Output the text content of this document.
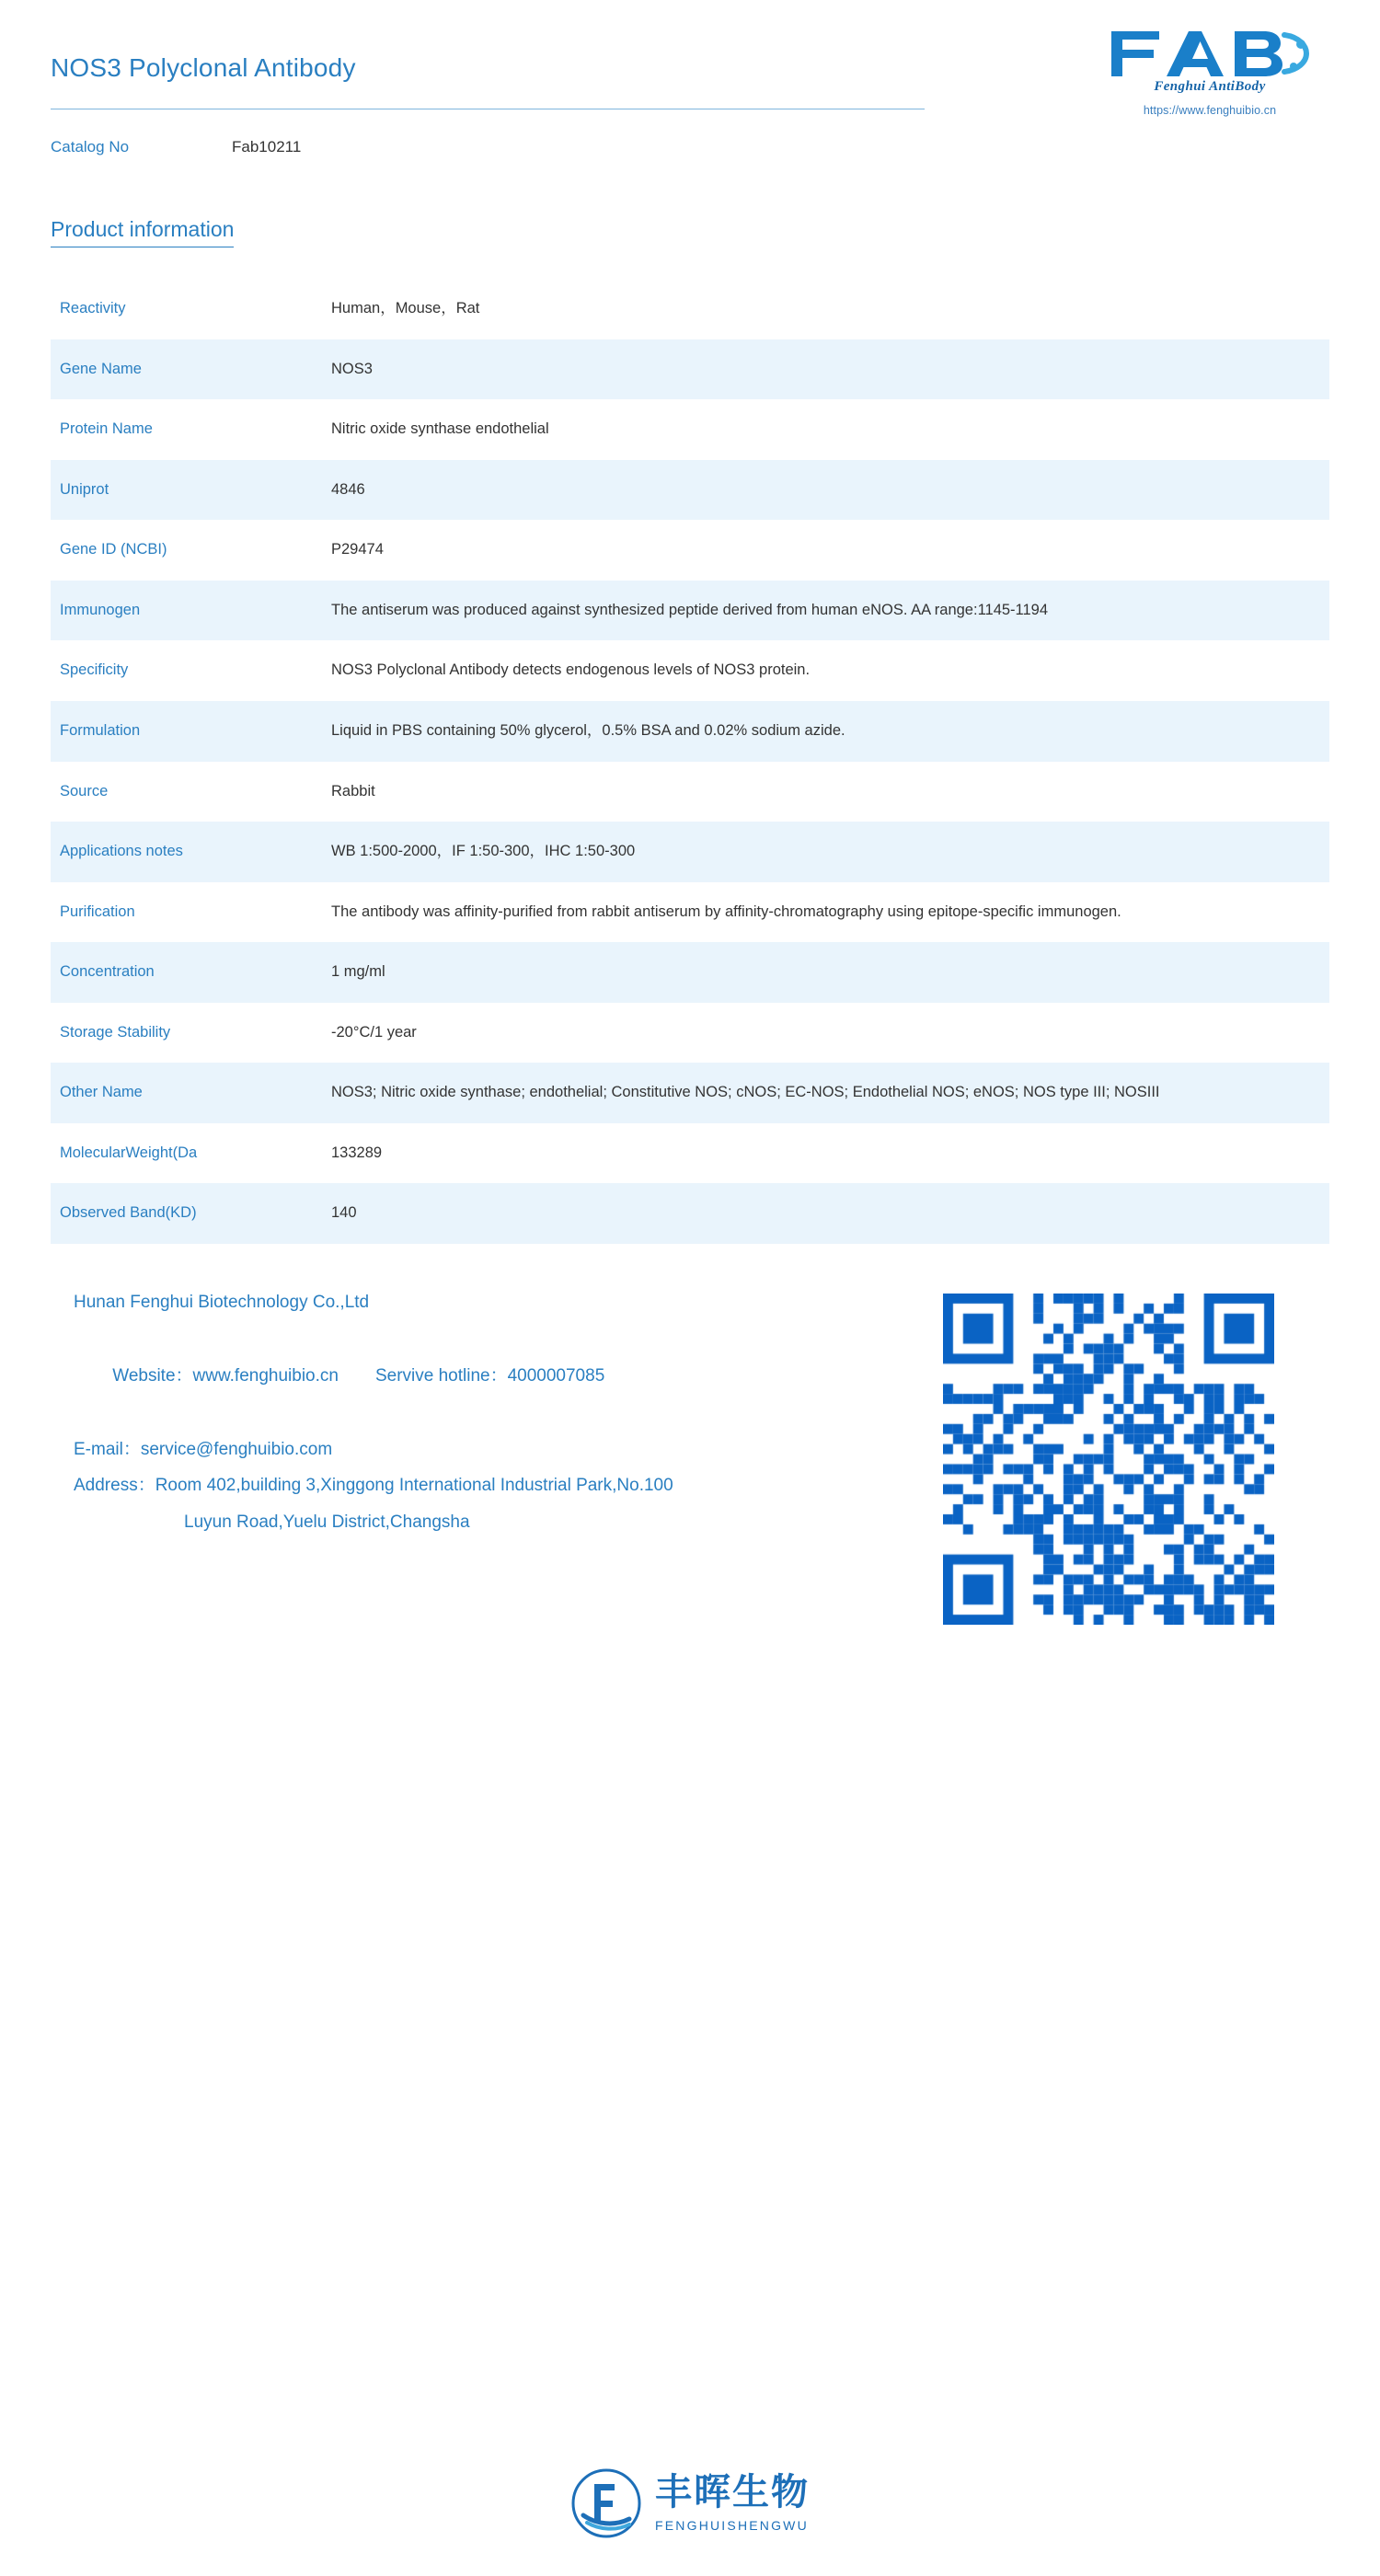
NOS3 Polyclonal Antibody
Fenghui AntiBody
https://www.fenghuibio.cn
Catalog No	Fab10211
Product information
Reactivity	Human，Mouse，Rat
Gene Name	NOS3
Protein Name	Nitric oxide synthase endothelial
Uniprot	4846
Gene ID (NCBI)	P29474
Immunogen	The antiserum was produced against synthesized peptide derived from human eNOS. AA range:1145-1194
Specificity	NOS3 Polyclonal Antibody detects endogenous levels of NOS3 protein.
Formulation	Liquid in PBS containing 50% glycerol，0.5% BSA and 0.02% sodium azide.
Source	Rabbit
Applications notes	WB 1:500-2000，IF 1:50-300，IHC 1:50-300
Purification	The antibody was affinity-purified from rabbit antiserum by affinity-chromatography using epitope-specific immunogen.
Concentration	1 mg/ml
Storage Stability	-20°C/1 year
Other Name	NOS3; Nitric oxide synthase; endothelial; Constitutive NOS; cNOS; EC-NOS; Endothelial NOS; eNOS; NOS type III; NOSIII
MolecularWeight(Da	133289
Observed Band(KD)	140
Hunan Fenghui Biotechnology Co.,Ltd

Website：www.fenghuibio.cn Servive hotline：4000007085

E-mail：service@fenghuibio.com
Address：Room 402,building 3,Xinggong International Industrial Park,No.100
Luyun Road,Yuelu District,Changsha
丰晖生物
FENGHUISHENGWU
